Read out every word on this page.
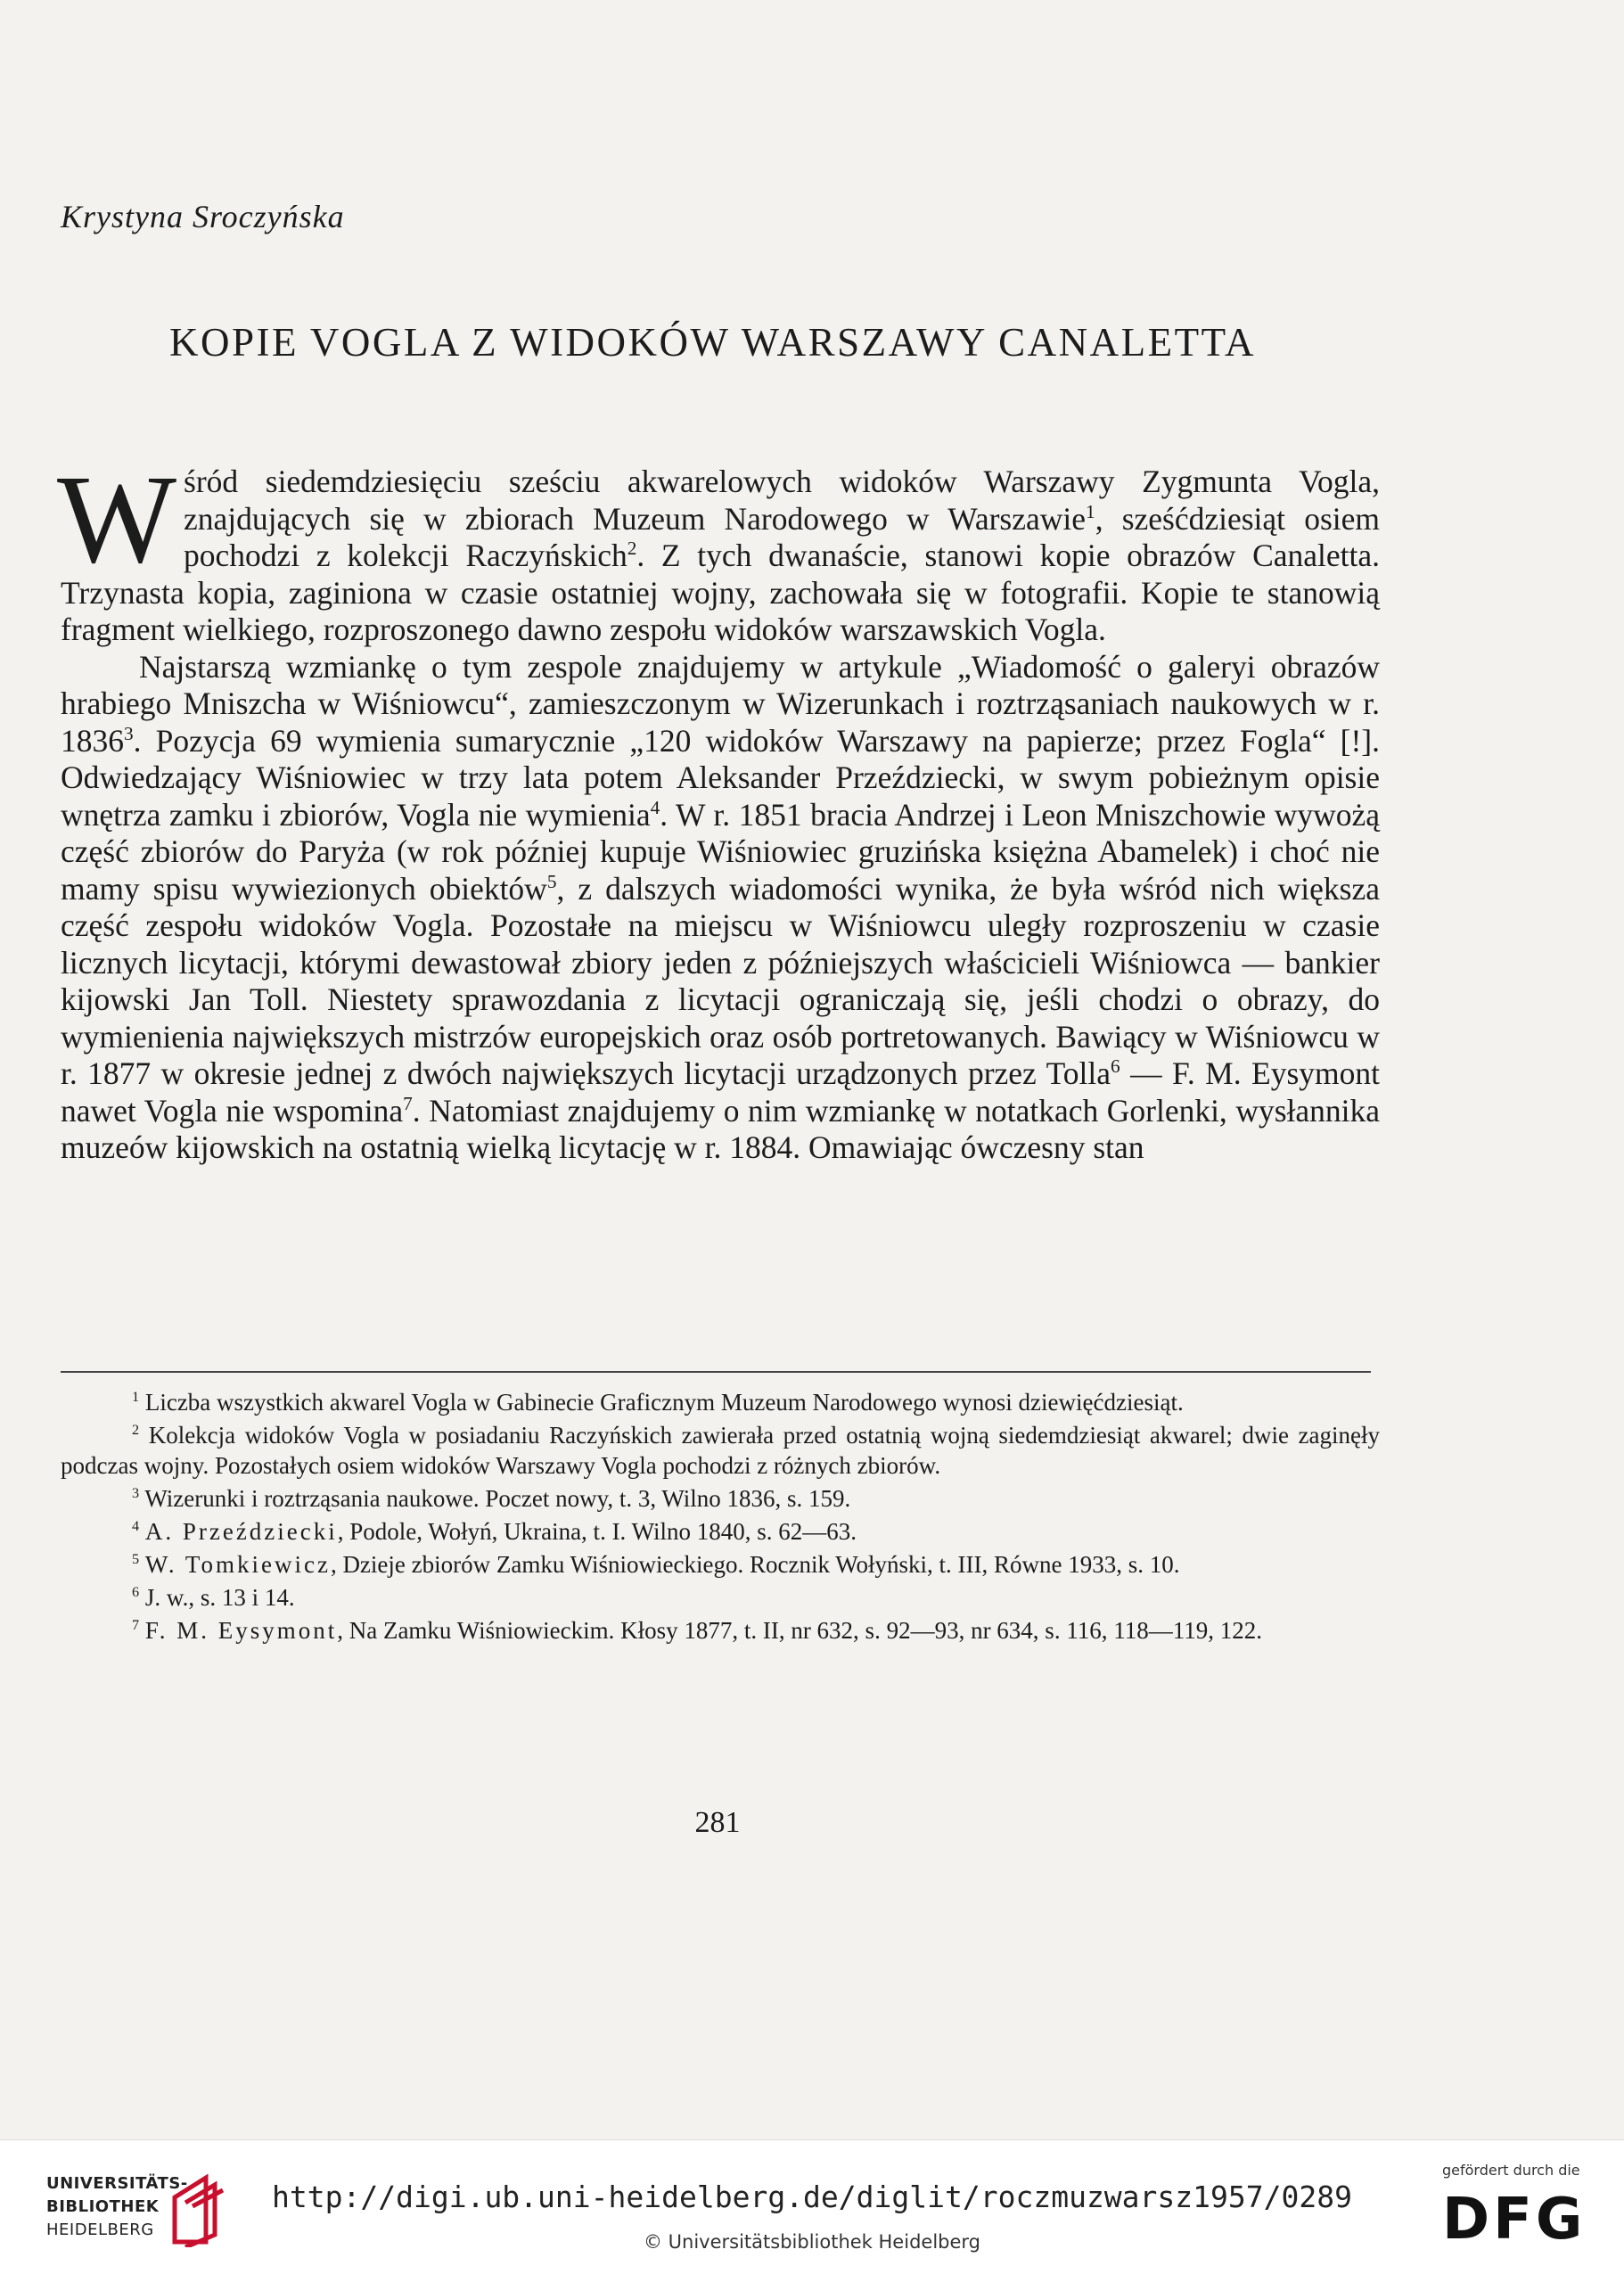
Krystyna Sroczyńska
KOPIE VOGLA Z WIDOKÓW WARSZAWY CANALETTA

Wśród siedemdziesięciu sześciu akwarelowych widoków Warszawy Zygmunta Vogla, znajdujących się w zbiorach Muzeum Narodowego w Warszawie$^1$, sześćdziesiąt osiem pochodzi z kolekcji Raczyńskich$^2$. Z tych dwanaście, stanowi kopie obrazów Canaletta. Trzynasta kopia, zaginiona w czasie ostatniej wojny, zachowała się w fotografii. Kopie te stanowią fragment wielkiego, rozproszonego dawno zespołu widoków warszawskich Vogla.

Najstarszą wzmiankę o tym zespole znajdujemy w artykule „Wiadomość o galeryi obrazów hrabiego Mniszcha w Wiśniowcu“, zamieszczonym w Wizerunkach i roztrząsaniach naukowych w r. 1836$^3$. Pozycja 69 wymienia sumarycznie „120 widoków Warszawy na papierze; przez Fogla“ [!]. Odwiedzający Wiśniowiec w trzy lata potem Aleksander Przeździecki, w swym pobieżnym opisie wnętrza zamku i zbiorów, Vogla nie wymienia$^4$. W r. 1851 bracia Andrzej i Leon Mniszchowie wywożą część zbiorów do Paryża (w rok później kupuje Wiśniowiec gruzińska księżna Abamelek) i choć nie mamy spisu wywiezionych obiektów$^5$, z dalszych wiadomości wynika, że była wśród nich większa część zespołu widoków Vogla. Pozostałe na miejscu w Wiśniowcu uległy rozproszeniu w czasie licznych licytacji, którymi dewastował zbiory jeden z późniejszych właścicieli Wiśniowca — bankier kijowski Jan Toll. Niestety sprawozdania z licytacji ograniczają się, jeśli chodzi o obrazy, do wymienienia największych mistrzów europejskich oraz osób portretowanych. Bawiący w Wiśniowcu w r. 1877 w okresie jednej z dwóch największych licytacji urządzonych przez Tolla$^6$ — F. M. Eysymont nawet Vogla nie wspomina$^7$. Natomiast znajdujemy o nim wzmiankę w notatkach Gorlenki, wysłannika muzeów kijowskich na ostatnią wielką licytację w r. 1884. Omawiając ówczesny stan

$^1$ Liczba wszystkich akwarel Vogla w Gabinecie Graficznym Muzeum Narodowego wynosi dziewięćdziesiąt.

$^2$ Kolekcja widoków Vogla w posiadaniu Raczyńskich zawierała przed ostatnią wojną siedemdziesiąt akwarel; dwie zaginęły podczas wojny. Pozostałych osiem widoków Warszawy Vogla pochodzi z różnych zbiorów.

$^3$ Wizerunki i roztrząsania naukowe. Poczet nowy, t. 3, Wilno 1836, s. 159.

$^4$ A. Przeździecki, Podole, Wołyń, Ukraina, t. I. Wilno 1840, s. 62—63.

$^5$ W. Tomkiewicz, Dzieje zbiorów Zamku Wiśniowieckiego. Rocznik Wołyński, t. III, Równe 1933, s. 10.

$^6$ J. w., s. 13 i 14.

$^7$ F. M. Eysymont, Na Zamku Wiśniowieckim. Kłosy 1877, t. II, nr 632, s. 92—93, nr 634, s. 116, 118—119, 122.

281
UNIVERSITÄTS-
BIBLIOTHEK
HEIDELBERG
http://digi.ub.uni-heidelberg.de/diglit/roczmuzwarsz1957/0289
© Universitätsbibliothek Heidelberg
gefördert durch die
DFG
